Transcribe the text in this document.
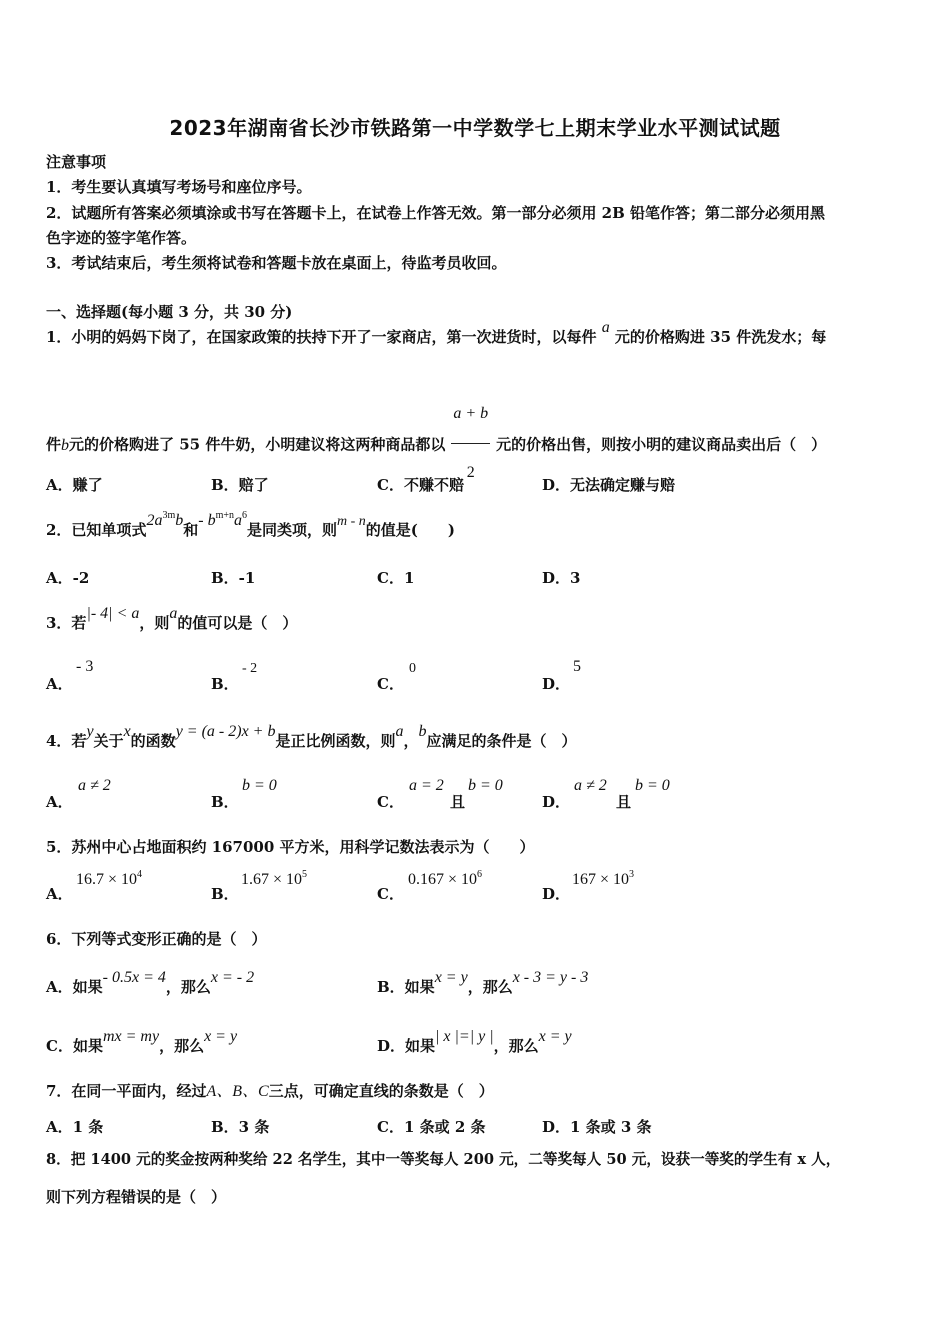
2023年湖南省长沙市铁路第一中学数学七上期末学业水平测试试题
注意事项
1．考生要认真填写考场号和座位序号。
2．试题所有答案必须填涂或书写在答题卡上，在试卷上作答无效。第一部分必须用 2B 铅笔作答；第二部分必须用黑
色字迹的签字笔作答。
3．考试结束后，考生须将试卷和答题卡放在桌面上，待监考员收回。
一、选择题(每小题 3 分，共 30 分)
1．小明的妈妈下岗了，在国家政策的扶持下开了一家商店，第一次进货时，以每件 a 元的价格购进 35 件洗发水；每
件b元的价格购进了 55 件牛奶，小明建议将这两种商品都以 $\frac{a + b}{2}$ 元的价格出售，则按小明的建议商品卖出后（　）
A．赚了	B．赔了	C．不赚不赔	D．无法确定赚与赔
2．已知单项式$2a^{3m}b$和- $b^{m+n}a^6$是同类项，则m - n的值是(　　)
A．-2	B．-1	C．1	D．3
3．若|- 4| < a，则a的值可以是（　）
A．
- 3
B．
- 2
C．
0
D．
5
4．若y关于x的函数y = (a - 2)x + b是正比例函数，则a，b应满足的条件是（　）
A．
a ≠ 2
B．
b = 0
C．
a = 2
且
b = 0
D．
a ≠ 2
且
b = 0
5．苏州中心占地面积约 167000 平方米，用科学记数法表示为（　　）
A．
$16.7 \times 10^4$
B．
$1.67 \times 10^5$
C．
$0.167 \times 10^6$
D．
$167 \times 10^3$
6．下列等式变形正确的是（　）
A．如果- 0.5x = 4，那么x = - 2
B．如果x = y，那么x - 3 = y - 3
C．如果mx = my，那么x = y
D．如果| x |=| y |，那么x = y
7．在同一平面内，经过A、B、C三点，可确定直线的条数是（　）
A．1 条	B．3 条	C．1 条或 2 条	D．1 条或 3 条
8．把 1400 元的奖金按两种奖给 22 名学生，其中一等奖每人 200 元，二等奖每人 50 元，设获一等奖的学生有 x 人，
则下列方程错误的是（　）
